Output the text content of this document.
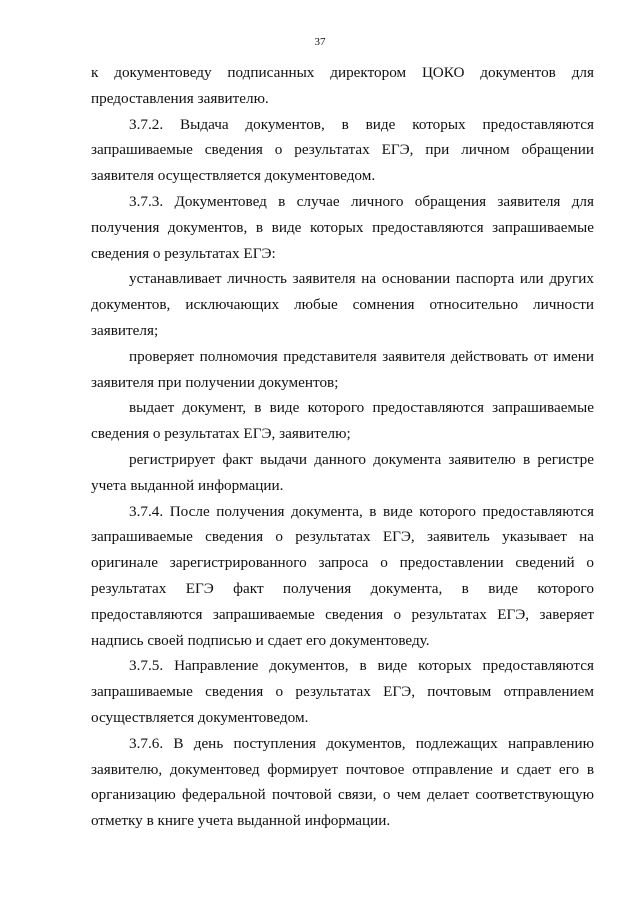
37

к документоведу подписанных директором ЦОКО документов для предоставления заявителю.

3.7.2. Выдача документов, в виде которых предоставляются запрашиваемые сведения о результатах ЕГЭ, при личном обращении заявителя осуществляется документоведом.

3.7.3. Документовед в случае личного обращения заявителя для получения документов, в виде которых предоставляются запрашиваемые сведения о результатах ЕГЭ:

устанавливает личность заявителя на основании паспорта или других документов, исключающих любые сомнения относительно личности заявителя;

проверяет полномочия представителя заявителя действовать от имени заявителя при получении документов;

выдает документ, в виде которого предоставляются запрашиваемые сведения о результатах ЕГЭ, заявителю;

регистрирует факт выдачи данного документа заявителю в регистре учета выданной информации.

3.7.4. После получения документа, в виде которого предоставляются запрашиваемые сведения о результатах ЕГЭ, заявитель указывает на оригинале зарегистрированного запроса о предоставлении сведений о результатах ЕГЭ факт получения документа, в виде которого предоставляются запрашиваемые сведения о результатах ЕГЭ, заверяет надпись своей подписью и сдает его документоведу.

3.7.5. Направление документов, в виде которых предоставляются запрашиваемые сведения о результатах ЕГЭ, почтовым отправлением осуществляется документоведом.

3.7.6. В день поступления документов, подлежащих направлению заявителю, документовед формирует почтовое отправление и сдает его в организацию федеральной почтовой связи, о чем делает соответствующую отметку в книге учета выданной информации.
